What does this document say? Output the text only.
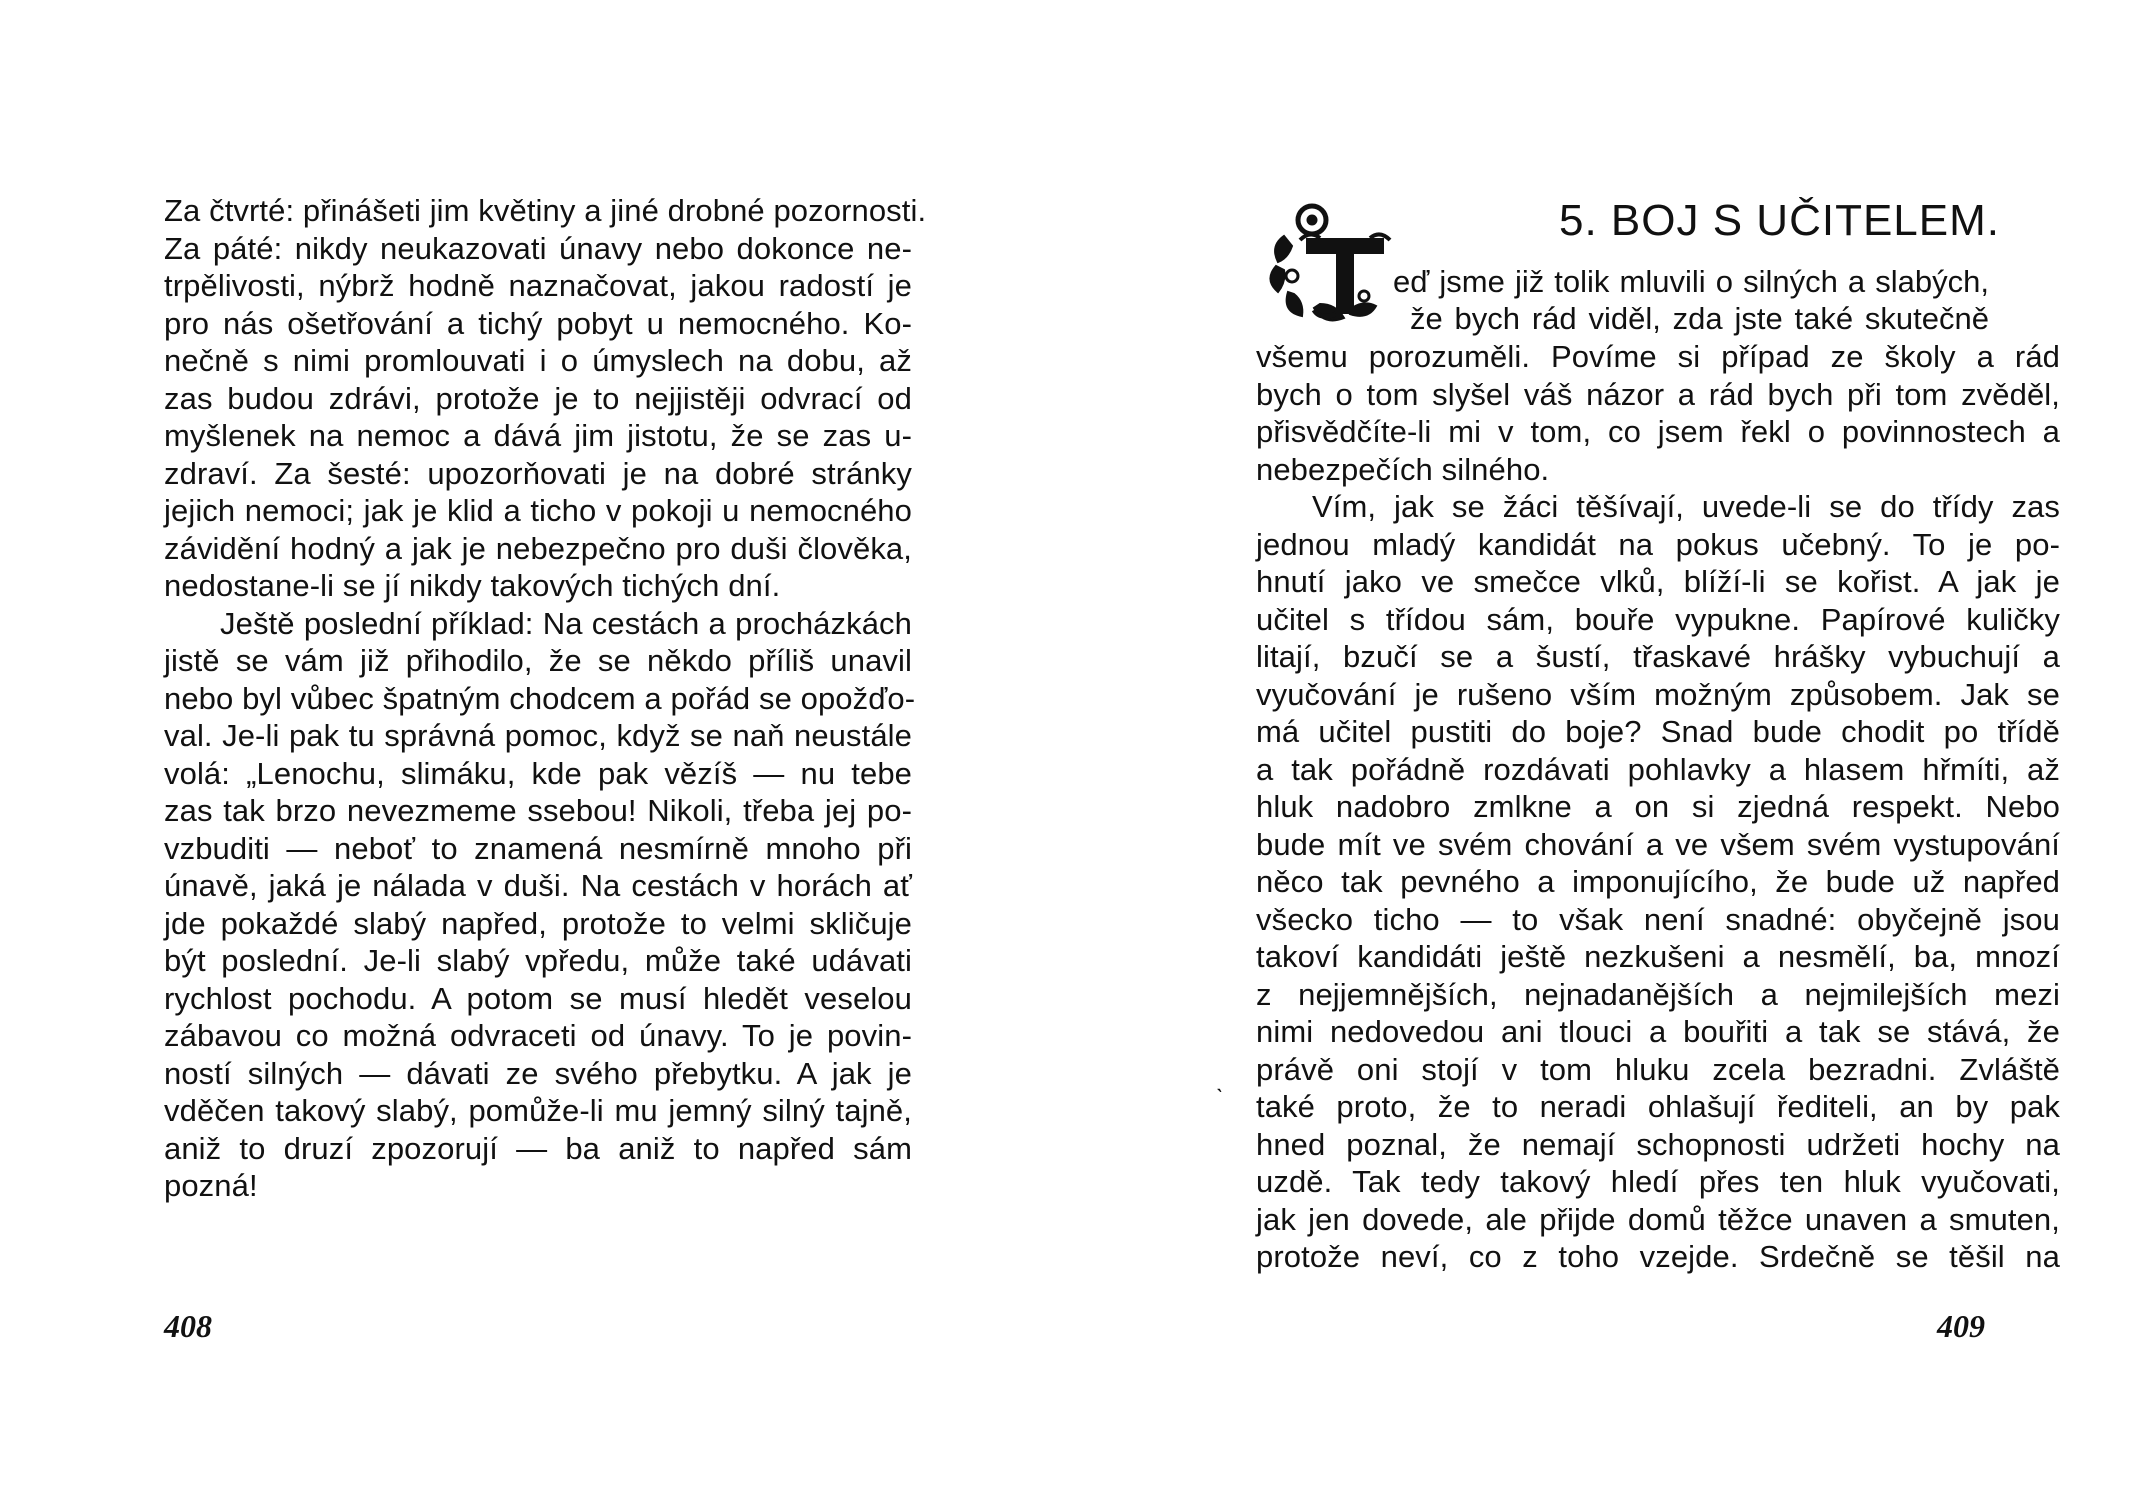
Za čtvrté: přinášeti jim květiny a jiné drobné pozornosti.
Za páté: nikdy neukazovati únavy nebo dokonce ne-
trpělivosti, nýbrž hodně naznačovat, jakou radostí je
pro nás ošetřování a tichý pobyt u nemocného. Ko-
nečně s nimi promlouvati i o úmyslech na dobu, až
zas budou zdrávi, protože je to nejjistěji odvrací od
myšlenek na nemoc a dává jim jistotu, že se zas u-
zdraví. Za šesté: upozorňovati je na dobré stránky
jejich nemoci; jak je klid a ticho v pokoji u nemocného
závidění hodný a jak je nebezpečno pro duši člověka,
nedostane-li se jí nikdy takových tichých dní.
Ještě poslední příklad: Na cestách a procházkách
jistě se vám již přihodilo, že se někdo příliš unavil
nebo byl vůbec špatným chodcem a pořád se opožďo-
val. Je-li pak tu správná pomoc, když se naň neustále
volá: „Lenochu, slimáku, kde pak vězíš — nu tebe
zas tak brzo nevezmeme ssebou! Nikoli, třeba jej po-
vzbuditi — neboť to znamená nesmírně mnoho při
únavě, jaká je nálada v duši. Na cestách v horách ať
jde pokaždé slabý napřed, protože to velmi skličuje
být poslední. Je-li slabý vpředu, může také udávati
rychlost pochodu. A potom se musí hledět veselou
zábavou co možná odvraceti od únavy. To je povin-
ností silných — dávati ze svého přebytku. A jak je
vděčen takový slabý, pomůže-li mu jemný silný tajně,
aniž to druzí zpozorují — ba aniž to napřed sám
pozná!
408
5. BOJ S UČITELEM.
eď jsme již tolik mluvili o silných a slabých,
všemu porozuměli. Povíme si případ ze školy a rád
bych o tom slyšel váš názor a rád bych při tom zvěděl,
přisvědčíte-li mi v tom, co jsem řekl o povinnostech a
nebezpečích silného.
Vím, jak se žáci těšívají, uvede-li se do třídy zas
jednou mladý kandidát na pokus učebný. To je po-
hnutí jako ve smečce vlků, blíží-li se kořist. A jak je
učitel s třídou sám, bouře vypukne. Papírové kuličky
litají, bzučí se a šustí, třaskavé hrášky vybuchují a
vyučování je rušeno vším možným způsobem. Jak se
má učitel pustiti do boje? Snad bude chodit po třídě
a tak pořádně rozdávati pohlavky a hlasem hřmíti, až
hluk nadobro zmlkne a on si zjedná respekt. Nebo
bude mít ve svém chování a ve všem svém vystupování
něco tak pevného a imponujícího, že bude už napřed
všecko ticho — to však není snadné: obyčejně jsou
takoví kandidáti ještě nezkušeni a nesmělí, ba, mnozí
z nejjemnějších, nejnadanějších a nejmilejších mezi
nimi nedovedou ani tlouci a bouřiti a tak se stává, že
právě oni stojí v tom hluku zcela bezradni. Zvláště
také proto, že to neradi ohlašují řediteli, an by pak
hned poznal, že nemají schopnosti udržeti hochy na
uzdě. Tak tedy takový hledí přes ten hluk vyučovati,
jak jen dovede, ale přijde domů těžce unaven a smuten,
protože neví, co z toho vzejde. Srdečně se těšil na
409
ˎ
že bych rád viděl, zda jste také skutečně
